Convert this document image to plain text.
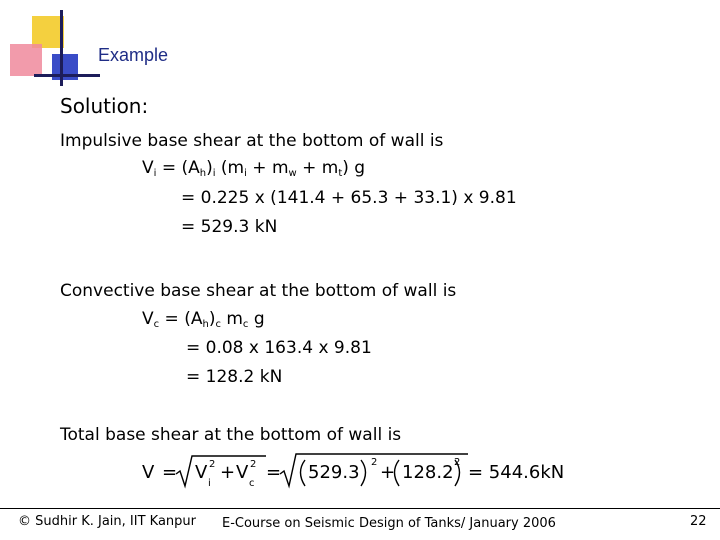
Example
Solution:
Impulsive base shear at the bottom of wall is
$V_i = (A_h)_i$ $(m_i + m_w + m_t)$ g
= 0.225 x (141.4 + 65.3 + 33.1) x 9.81
= 529.3 kN
Convective base shear at the bottom of wall is
$V_c = (A_h)_c$ $m_c$ g
= 0.08 x 163.4 x 9.81
= 128.2 kN
Total base shear at the bottom of wall is
V = V
i
2 + V
c
2 = 529.3 2 + 128.2 2 = 544.6kN
© Sudhir K. Jain, IIT Kanpur E-Course on Seismic Design of Tanks/ January 2006	22
